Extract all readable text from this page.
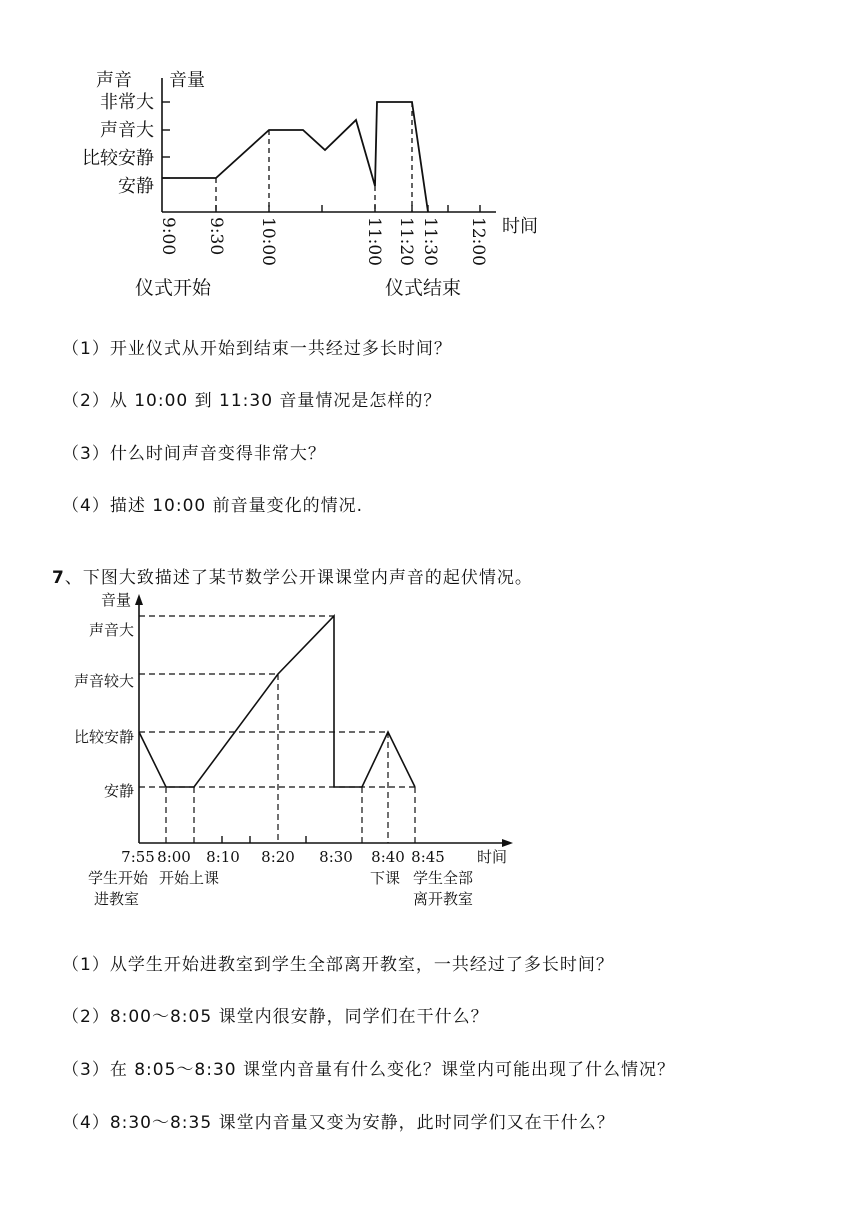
声音 音量
非常大
声音大
比较安静
安静
9:00 9:30 10:00	11:00 11:20 11:30 12:00 时间
仪式开始	仪式结束
（1）开业仪式从开始到结束一共经过多长时间？
（2）从 10:00 到 11:30 音量情况是怎样的？
（3）什么时间声音变得非常大？
（4）描述 10:00 前音量变化的情况.
7、下图大致描述了某节数学公开课课堂内声音的起伏情况。
音量
声音大
声音较大
比较安静
安静
7:55 8:00 8:10 8:20 8:30 8:40 8:45 时间
学生开始
进教室
开始上课	下课 学生全部
离开教室
（1）从学生开始进教室到学生全部离开教室，一共经过了多长时间？
（2）8:00～8:05 课堂内很安静，同学们在干什么？
（3）在 8:05～8:30 课堂内音量有什么变化？课堂内可能出现了什么情况？
（4）8:30～8:35 课堂内音量又变为安静，此时同学们又在干什么？
